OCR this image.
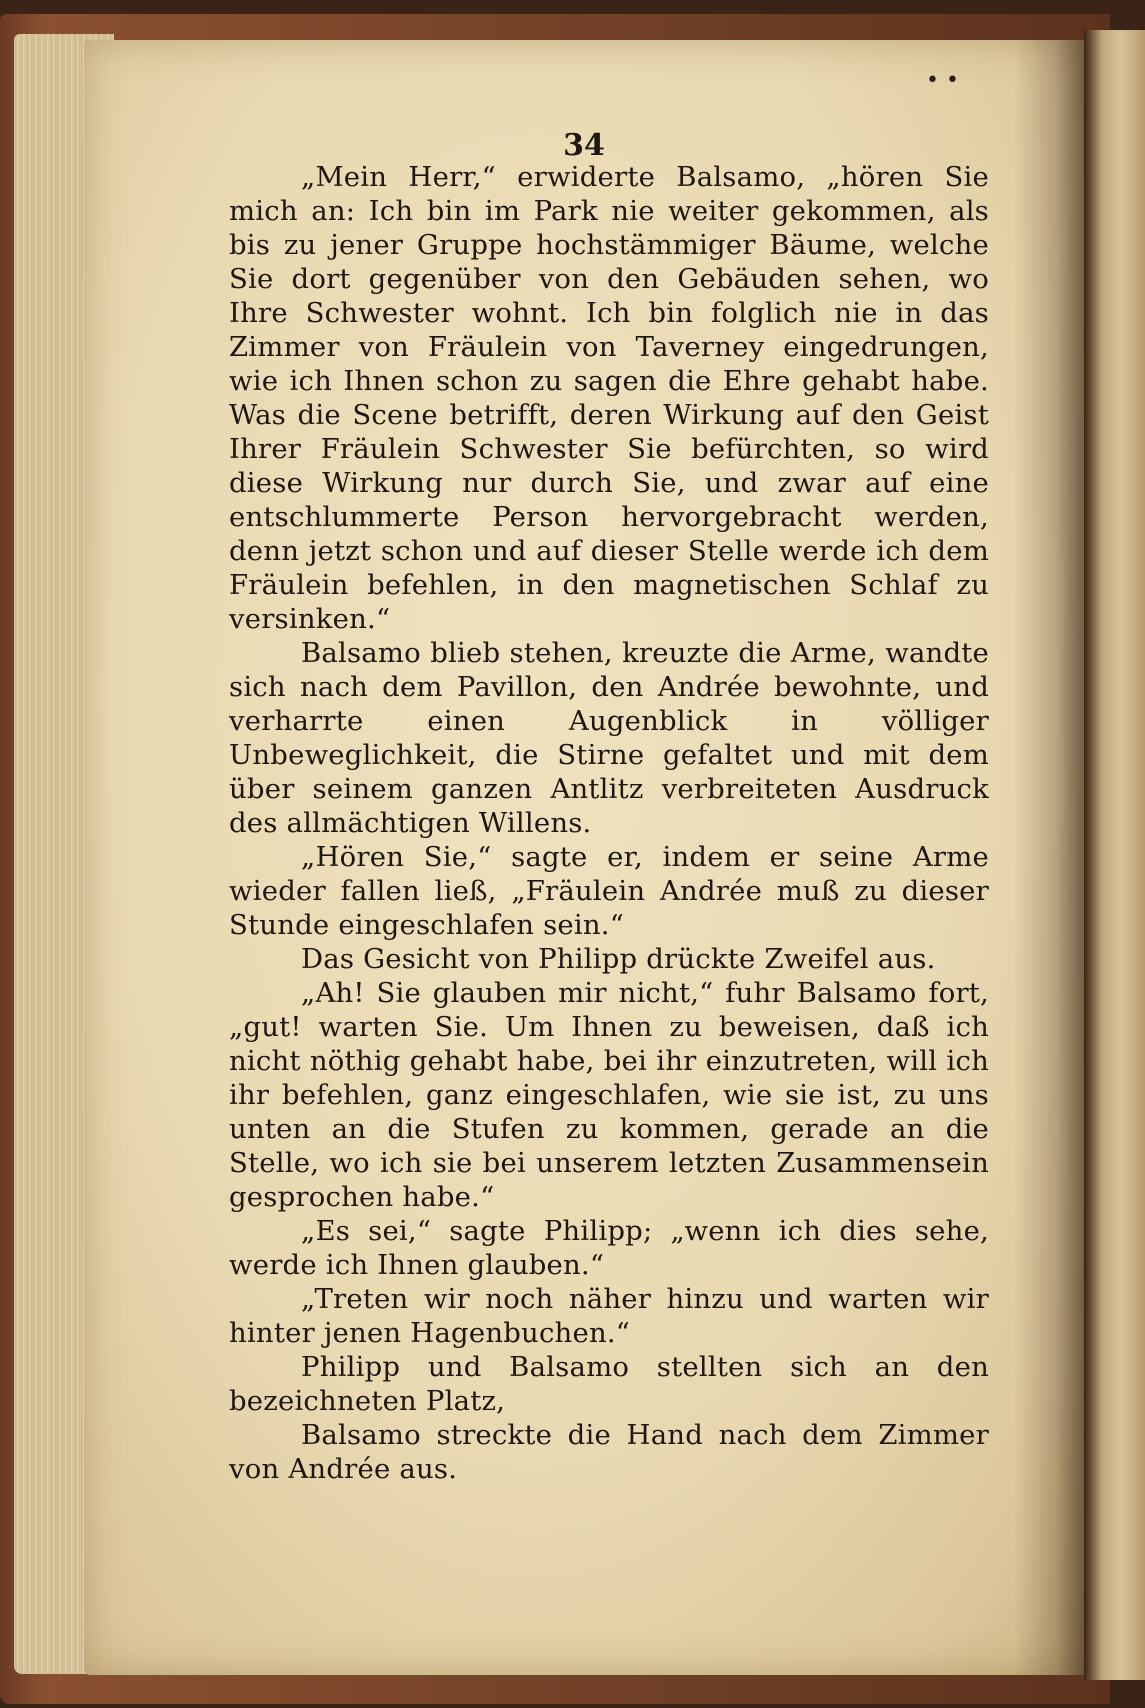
34
• •

„Mein Herr,“ erwiderte Balsamo, „hören Sie mich an: Ich bin im Park nie weiter gekommen, als bis zu jener Gruppe hochstämmiger Bäume, welche Sie dort gegenüber von den Gebäuden sehen, wo Ihre Schwester wohnt. Ich bin folglich nie in das Zimmer von Fräulein von Taverney eingedrungen, wie ich Ihnen schon zu sagen die Ehre gehabt habe. Was die Scene betrifft, deren Wirkung auf den Geist Ihrer Fräulein Schwester Sie befürchten, so wird diese Wirkung nur durch Sie, und zwar auf eine entschlummerte Person hervorgebracht werden, denn jetzt schon und auf dieser Stelle werde ich dem Fräulein befehlen, in den magnetischen Schlaf zu versinken.“

Balsamo blieb stehen, kreuzte die Arme, wandte sich nach dem Pavillon, den Andrée bewohnte, und verharrte einen Augenblick in völliger Unbeweglichkeit, die Stirne gefaltet und mit dem über seinem ganzen Antlitz verbreiteten Ausdruck des allmächtigen Willens.

„Hören Sie,“ sagte er, indem er seine Arme wieder fallen ließ, „Fräulein Andrée muß zu dieser Stunde eingeschlafen sein.“

Das Gesicht von Philipp drückte Zweifel aus.

„Ah! Sie glauben mir nicht,“ fuhr Balsamo fort, „gut! warten Sie. Um Ihnen zu beweisen, daß ich nicht nöthig gehabt habe, bei ihr einzutreten, will ich ihr befehlen, ganz eingeschlafen, wie sie ist, zu uns unten an die Stufen zu kommen, gerade an die Stelle, wo ich sie bei unserem letzten Zusammensein gesprochen habe.“

„Es sei,“ sagte Philipp; „wenn ich dies sehe, werde ich Ihnen glauben.“

„Treten wir noch näher hinzu und warten wir hinter jenen Hagenbuchen.“

Philipp und Balsamo stellten sich an den bezeichneten Platz,

Balsamo streckte die Hand nach dem Zimmer von Andrée aus.
